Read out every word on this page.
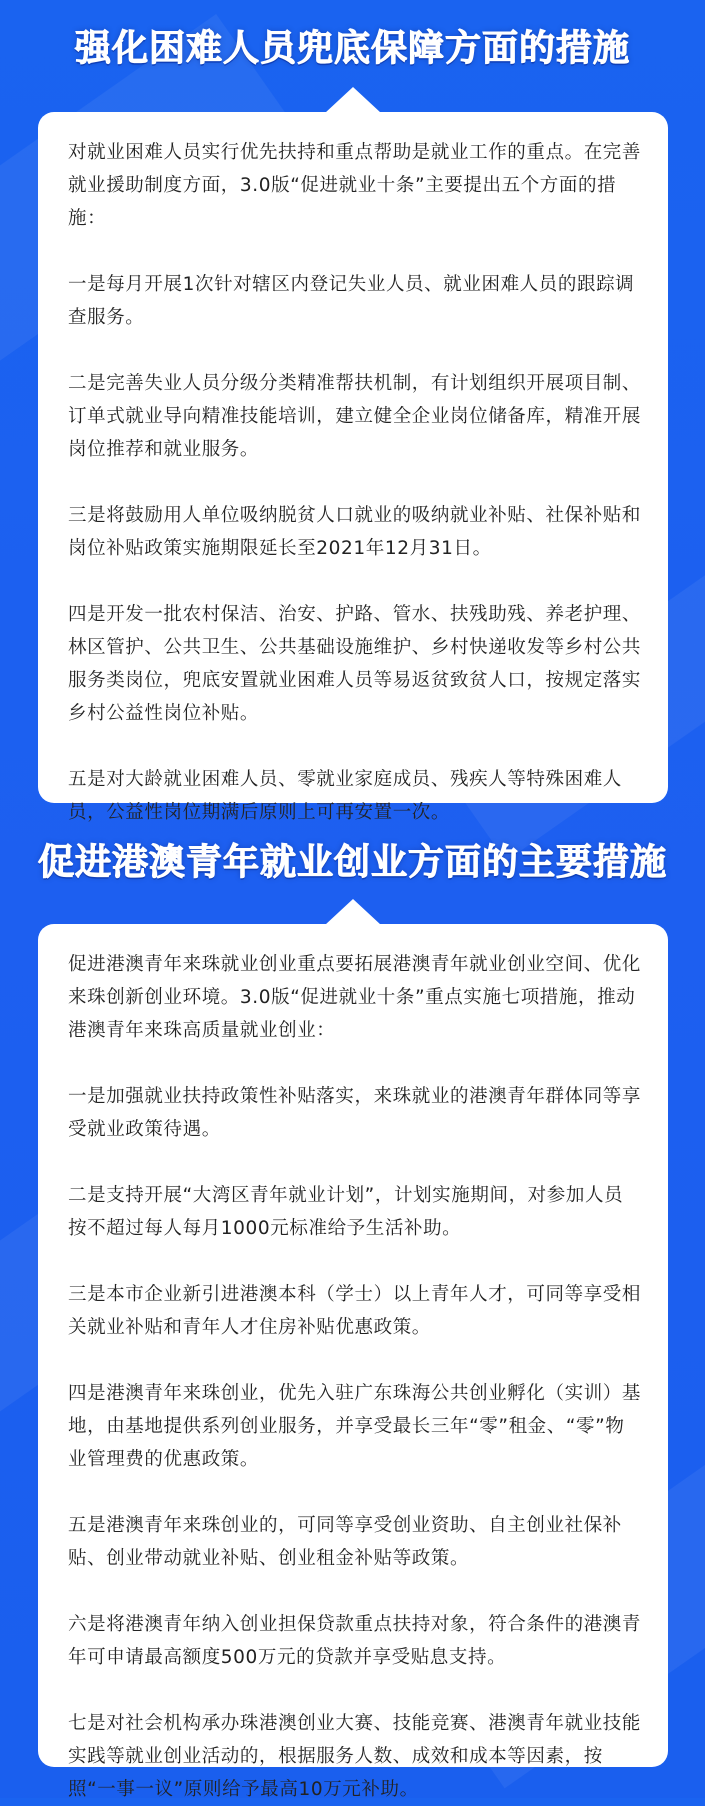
强化困难人员兜底保障方面的措施

对就业困难人员实行优先扶持和重点帮助是就业工作的重点。在完善就业援助制度方面，3.0版“促进就业十条”主要提出五个方面的措施：

一是每月开展1次针对辖区内登记失业人员、就业困难人员的跟踪调查服务。

二是完善失业人员分级分类精准帮扶机制，有计划组织开展项目制、订单式就业导向精准技能培训，建立健全企业岗位储备库，精准开展岗位推荐和就业服务。

三是将鼓励用人单位吸纳脱贫人口就业的吸纳就业补贴、社保补贴和岗位补贴政策实施期限延长至2021年12月31日。

四是开发一批农村保洁、治安、护路、管水、扶残助残、养老护理、林区管护、公共卫生、公共基础设施维护、乡村快递收发等乡村公共服务类岗位，兜底安置就业困难人员等易返贫致贫人口，按规定落实乡村公益性岗位补贴。

五是对大龄就业困难人员、零就业家庭成员、残疾人等特殊困难人员，公益性岗位期满后原则上可再安置一次。

促进港澳青年就业创业方面的主要措施

促进港澳青年来珠就业创业重点要拓展港澳青年就业创业空间、优化来珠创新创业环境。3.0版“促进就业十条”重点实施七项措施，推动港澳青年来珠高质量就业创业：

一是加强就业扶持政策性补贴落实，来珠就业的港澳青年群体同等享受就业政策待遇。

二是支持开展“大湾区青年就业计划”，计划实施期间，对参加人员按不超过每人每月1000元标准给予生活补助。

三是本市企业新引进港澳本科（学士）以上青年人才，可同等享受相关就业补贴和青年人才住房补贴优惠政策。

四是港澳青年来珠创业，优先入驻广东珠海公共创业孵化（实训）基地，由基地提供系列创业服务，并享受最长三年“零”租金、“零”物业管理费的优惠政策。

五是港澳青年来珠创业的，可同等享受创业资助、自主创业社保补贴、创业带动就业补贴、创业租金补贴等政策。

六是将港澳青年纳入创业担保贷款重点扶持对象，符合条件的港澳青年可申请最高额度500万元的贷款并享受贴息支持。

七是对社会机构承办珠港澳创业大赛、技能竞赛、港澳青年就业技能实践等就业创业活动的，根据服务人数、成效和成本等因素，按照“一事一议”原则给予最高10万元补助。
